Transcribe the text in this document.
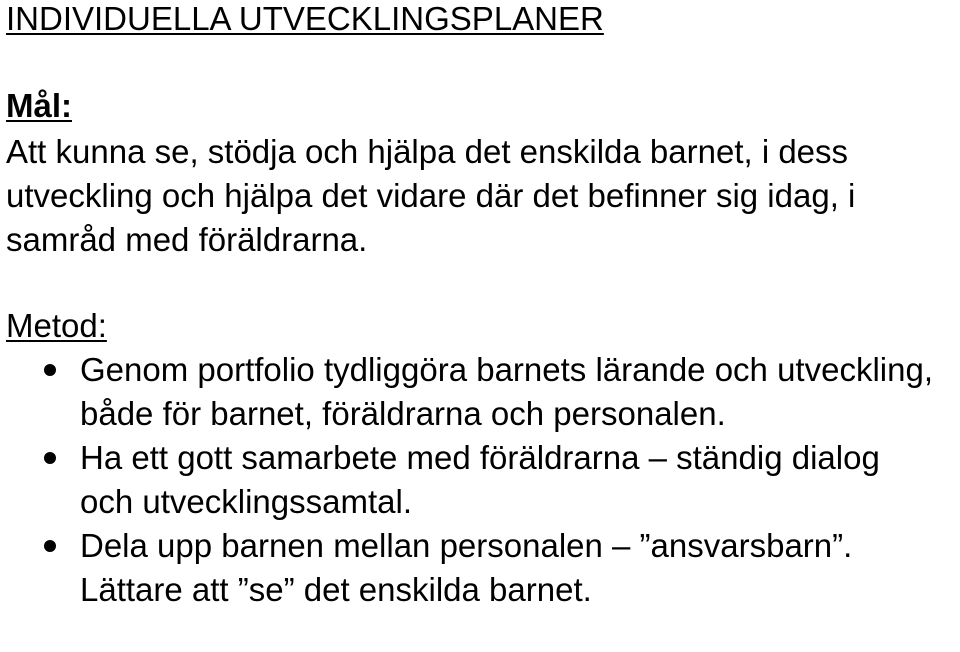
INDIVIDUELLA UTVECKLINGSPLANER
Mål:

Att kunna se, stödja och hjälpa det enskilda barnet, i dess utveckling och hjälpa det vidare där det befinner sig idag, i samråd med föräldrarna.

Metod:
Genom portfolio tydliggöra barnets lärande och utveckling, både för barnet, föräldrarna och personalen.
Ha ett gott samarbete med föräldrarna – ständig dialog och utvecklingssamtal.
Dela upp barnen mellan personalen – ”ansvarsbarn”. Lättare att ”se” det enskilda barnet.
